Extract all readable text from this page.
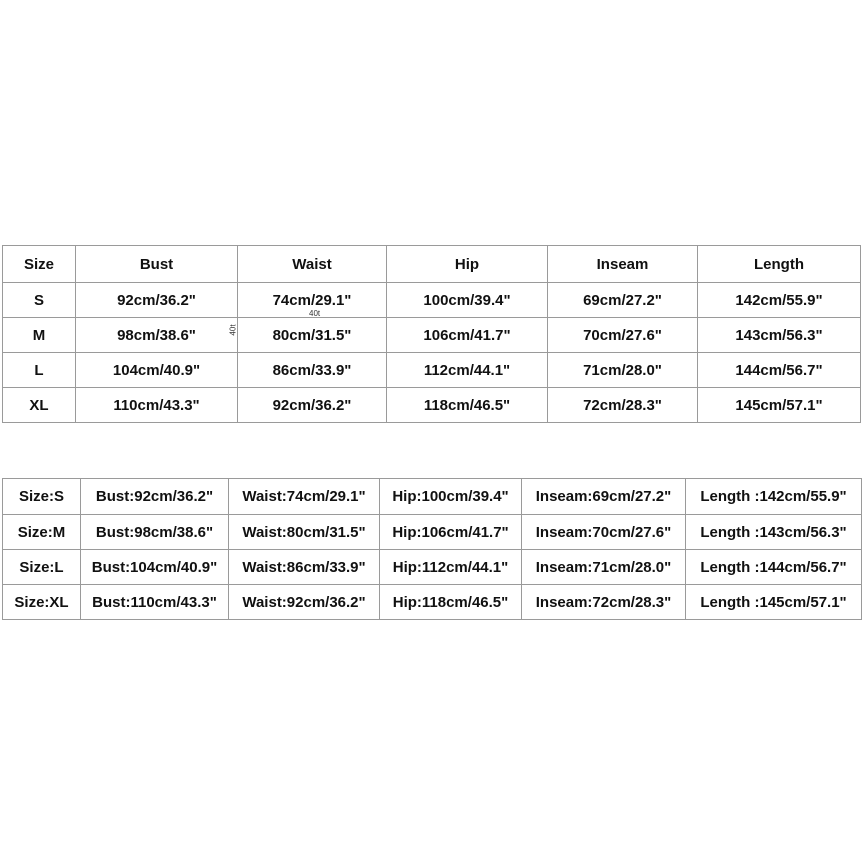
Size	Bust	Waist	Hip	Inseam	Length
S	92cm/36.2"	74cm/29.1"	100cm/39.4"	69cm/27.2"	142cm/55.9"
M	98cm/38.6"	80cm/31.5"	106cm/41.7"	70cm/27.6"	143cm/56.3"
L	104cm/40.9"	86cm/33.9"	112cm/44.1"	71cm/28.0"	144cm/56.7"
XL	110cm/43.3"	92cm/36.2"	118cm/46.5"	72cm/28.3"	145cm/57.1"
40t
40t
Size:S	Bust:92cm/36.2"	Waist:74cm/29.1"	Hip:100cm/39.4"	Inseam:69cm/27.2"	Length :142cm/55.9"
Size:M	Bust:98cm/38.6"	Waist:80cm/31.5"	Hip:106cm/41.7"	Inseam:70cm/27.6"	Length :143cm/56.3"
Size:L	Bust:104cm/40.9"	Waist:86cm/33.9"	Hip:112cm/44.1"	Inseam:71cm/28.0"	Length :144cm/56.7"
Size:XL	Bust:110cm/43.3"	Waist:92cm/36.2"	Hip:118cm/46.5"	Inseam:72cm/28.3"	Length :145cm/57.1"
